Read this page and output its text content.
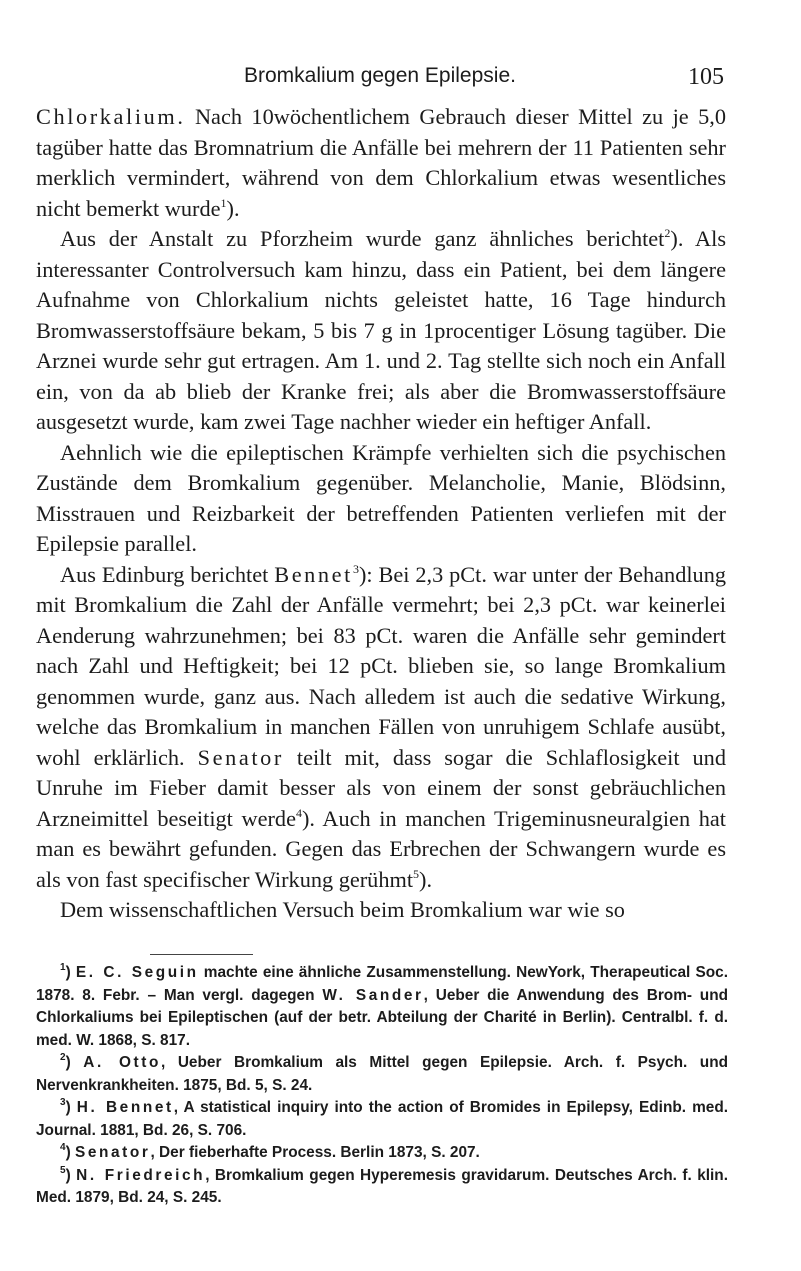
Bromkalium gegen Epilepsie.	105

Chlorkalium. Nach 10wöchentlichem Gebrauch dieser Mittel zu je 5,0 tagüber hatte das Bromnatrium die Anfälle bei mehrern der 11 Patienten sehr merklich vermindert, während von dem Chlorkalium etwas wesentliches nicht bemerkt wurde$^1$).

Aus der Anstalt zu Pforzheim wurde ganz ähnliches berichtet$^2$). Als interessanter Controlversuch kam hinzu, dass ein Patient, bei dem längere Aufnahme von Chlorkalium nichts geleistet hatte, 16 Tage hindurch Bromwasserstoffsäure bekam, 5 bis 7 g in 1procentiger Lösung tagüber. Die Arznei wurde sehr gut ertragen. Am 1. und 2. Tag stellte sich noch ein Anfall ein, von da ab blieb der Kranke frei; als aber die Bromwasserstoffsäure ausgesetzt wurde, kam zwei Tage nachher wieder ein heftiger Anfall.

Aehnlich wie die epileptischen Krämpfe verhielten sich die psychischen Zustände dem Bromkalium gegenüber. Melancholie, Manie, Blödsinn, Misstrauen und Reizbarkeit der betreffenden Patienten verliefen mit der Epilepsie parallel.

Aus Edinburg berichtet Bennet$^3$): Bei 2,3 pCt. war unter der Behandlung mit Bromkalium die Zahl der Anfälle vermehrt; bei 2,3 pCt. war keinerlei Aenderung wahrzunehmen; bei 83 pCt. waren die Anfälle sehr gemindert nach Zahl und Heftigkeit; bei 12 pCt. blieben sie, so lange Bromkalium genommen wurde, ganz aus. Nach alledem ist auch die sedative Wirkung, welche das Bromkalium in manchen Fällen von unruhigem Schlafe ausübt, wohl erklärlich. Senator teilt mit, dass sogar die Schlaflosigkeit und Unruhe im Fieber damit besser als von einem der sonst gebräuchlichen Arzneimittel beseitigt werde$^4$). Auch in manchen Trigeminusneuralgien hat man es bewährt gefunden. Gegen das Erbrechen der Schwangern wurde es als von fast specifischer Wirkung gerühmt$^5$).

Dem wissenschaftlichen Versuch beim Bromkalium war wie so

$^1$) E. C. Seguin machte eine ähnliche Zusammenstellung. NewYork, Therapeutical Soc. 1878. 8. Febr. – Man vergl. dagegen W. Sander, Ueber die Anwendung des Brom- und Chlorkaliums bei Epileptischen (auf der betr. Abteilung der Charité in Berlin). Centralbl. f. d. med. W. 1868, S. 817.

$^2$) A. Otto, Ueber Bromkalium als Mittel gegen Epilepsie. Arch. f. Psych. und Nervenkrankheiten. 1875, Bd. 5, S. 24.

$^3$) H. Bennet, A statistical inquiry into the action of Bromides in Epilepsy, Edinb. med. Journal. 1881, Bd. 26, S. 706.

$^4$) Senator, Der fieberhafte Process. Berlin 1873, S. 207.

$^5$) N. Friedreich, Bromkalium gegen Hyperemesis gravidarum. Deutsches Arch. f. klin. Med. 1879, Bd. 24, S. 245.
